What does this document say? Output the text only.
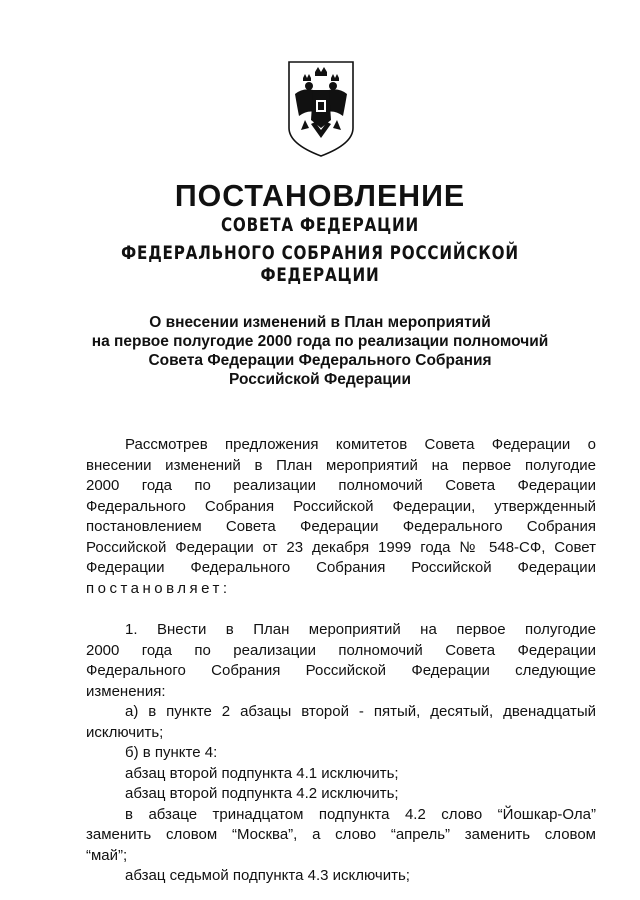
ПОСТАНОВЛЕНИЕ
СОВЕТА ФЕДЕРАЦИИ
ФЕДЕРАЛЬНОГО СОБРАНИЯ РОССИЙСКОЙ ФЕДЕРАЦИИ
О внесении изменений в План мероприятий
на первое полугодие 2000 года по реализации полномочий
Совета Федерации Федерального Собрания
Российской Федерации
Рассмотрев предложения комитетов Совета Федерации о
внесении изменений в План мероприятий на первое полугодие
2000 года по реализации полномочий Совета Федерации
Федерального Собрания Российской Федерации, утвержденный
постановлением Совета Федерации Федерального Собрания
Российской Федерации от 23 декабря 1999 года № 548-СФ, Совет
Федерации Федерального Собрания Российской Федерации
постановляет:
1. Внести в План мероприятий на первое полугодие
2000 года по реализации полномочий Совета Федерации
Федерального Собрания Российской Федерации следующие
изменения:
а) в пункте 2 абзацы второй - пятый, десятый, двенадцатый
исключить;
б) в пункте 4:
абзац второй подпункта 4.1 исключить;
абзац второй подпункта 4.2 исключить;
в абзаце тринадцатом подпункта 4.2 слово “Йошкар-Ола”
заменить словом “Москва”, а слово “апрель” заменить словом
“май”;
абзац седьмой подпункта 4.3 исключить;
